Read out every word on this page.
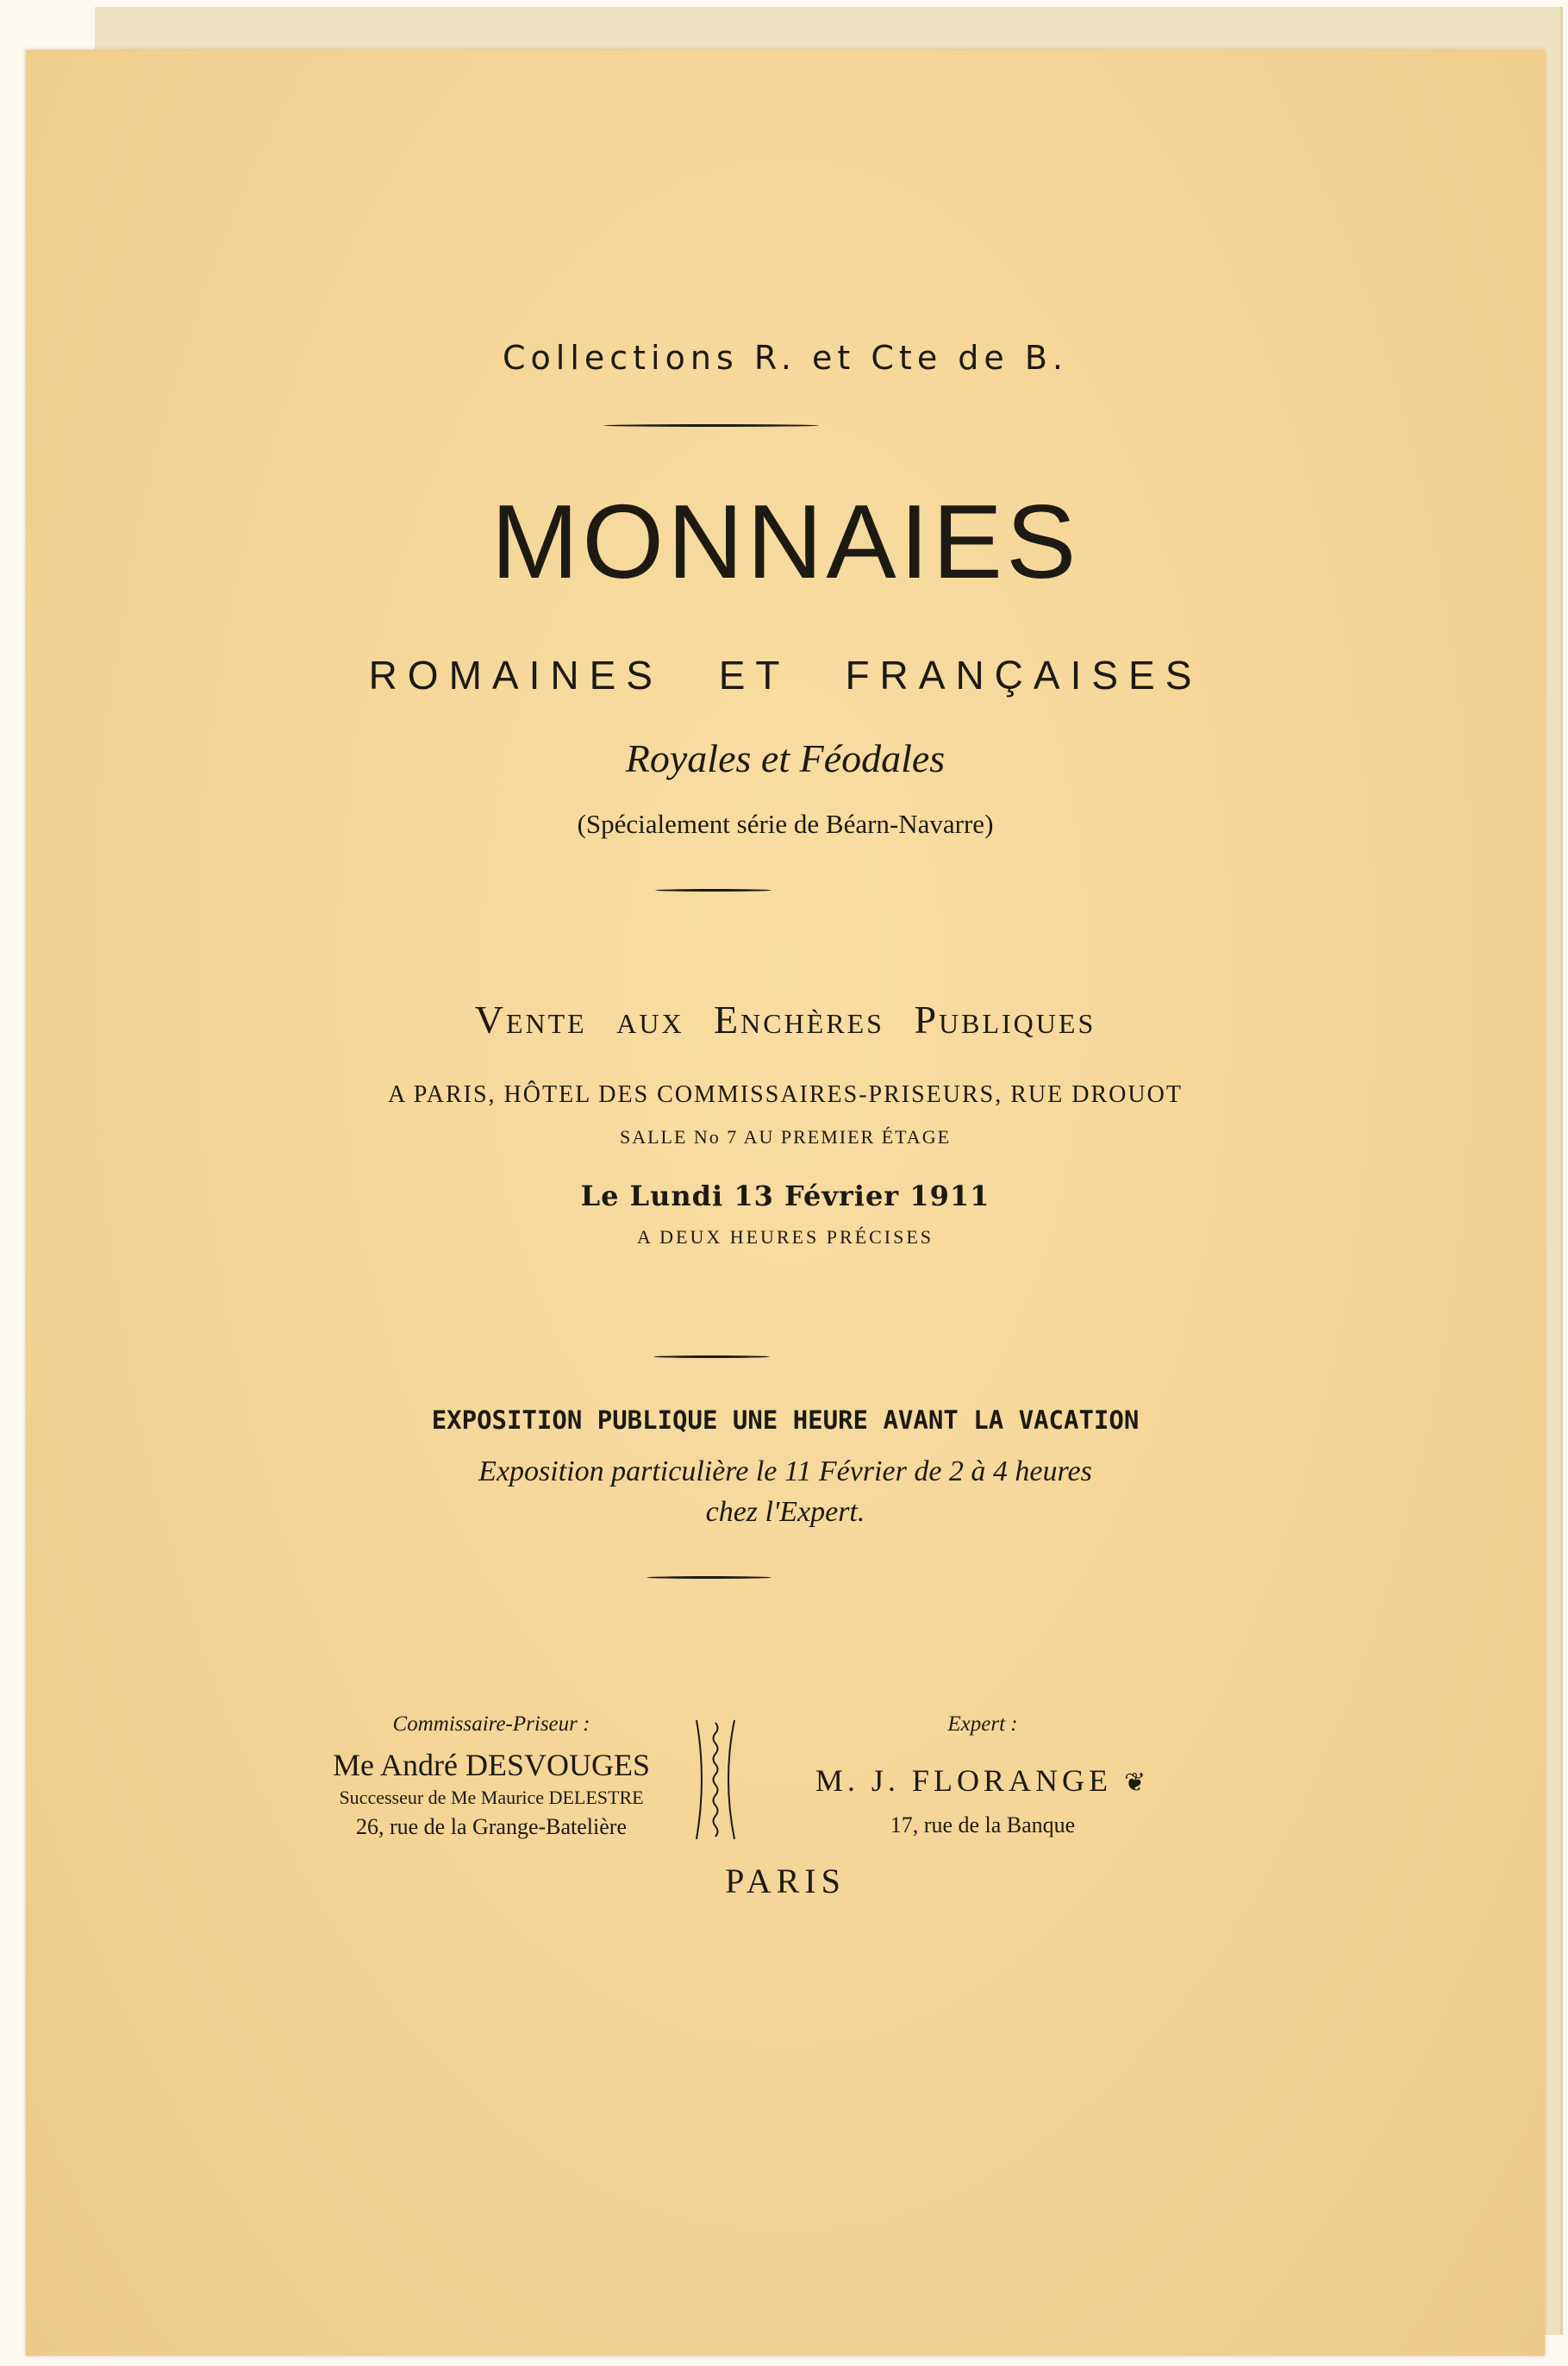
Collections R. et Cte de B.
MONNAIES
ROMAINES ET FRANÇAISES
Royales et Féodales
(Spécialement série de Béarn-Navarre)
Vente aux Enchères Publiques
A PARIS, HÔTEL DES COMMISSAIRES-PRISEURS, RUE DROUOT
SALLE No 7 AU PREMIER ÉTAGE
Le Lundi 13 Février 1911
A DEUX HEURES PRÉCISES
EXPOSITION PUBLIQUE UNE HEURE AVANT LA VACATION
Exposition particulière le 11 Février de 2 à 4 heures
chez l'Expert.
Commissaire-Priseur :
Me André DESVOUGES
Successeur de Me Maurice DELESTRE
26, rue de la Grange-Batelière
Expert :
M. J. FLORANGE ❦
17, rue de la Banque
PARIS
